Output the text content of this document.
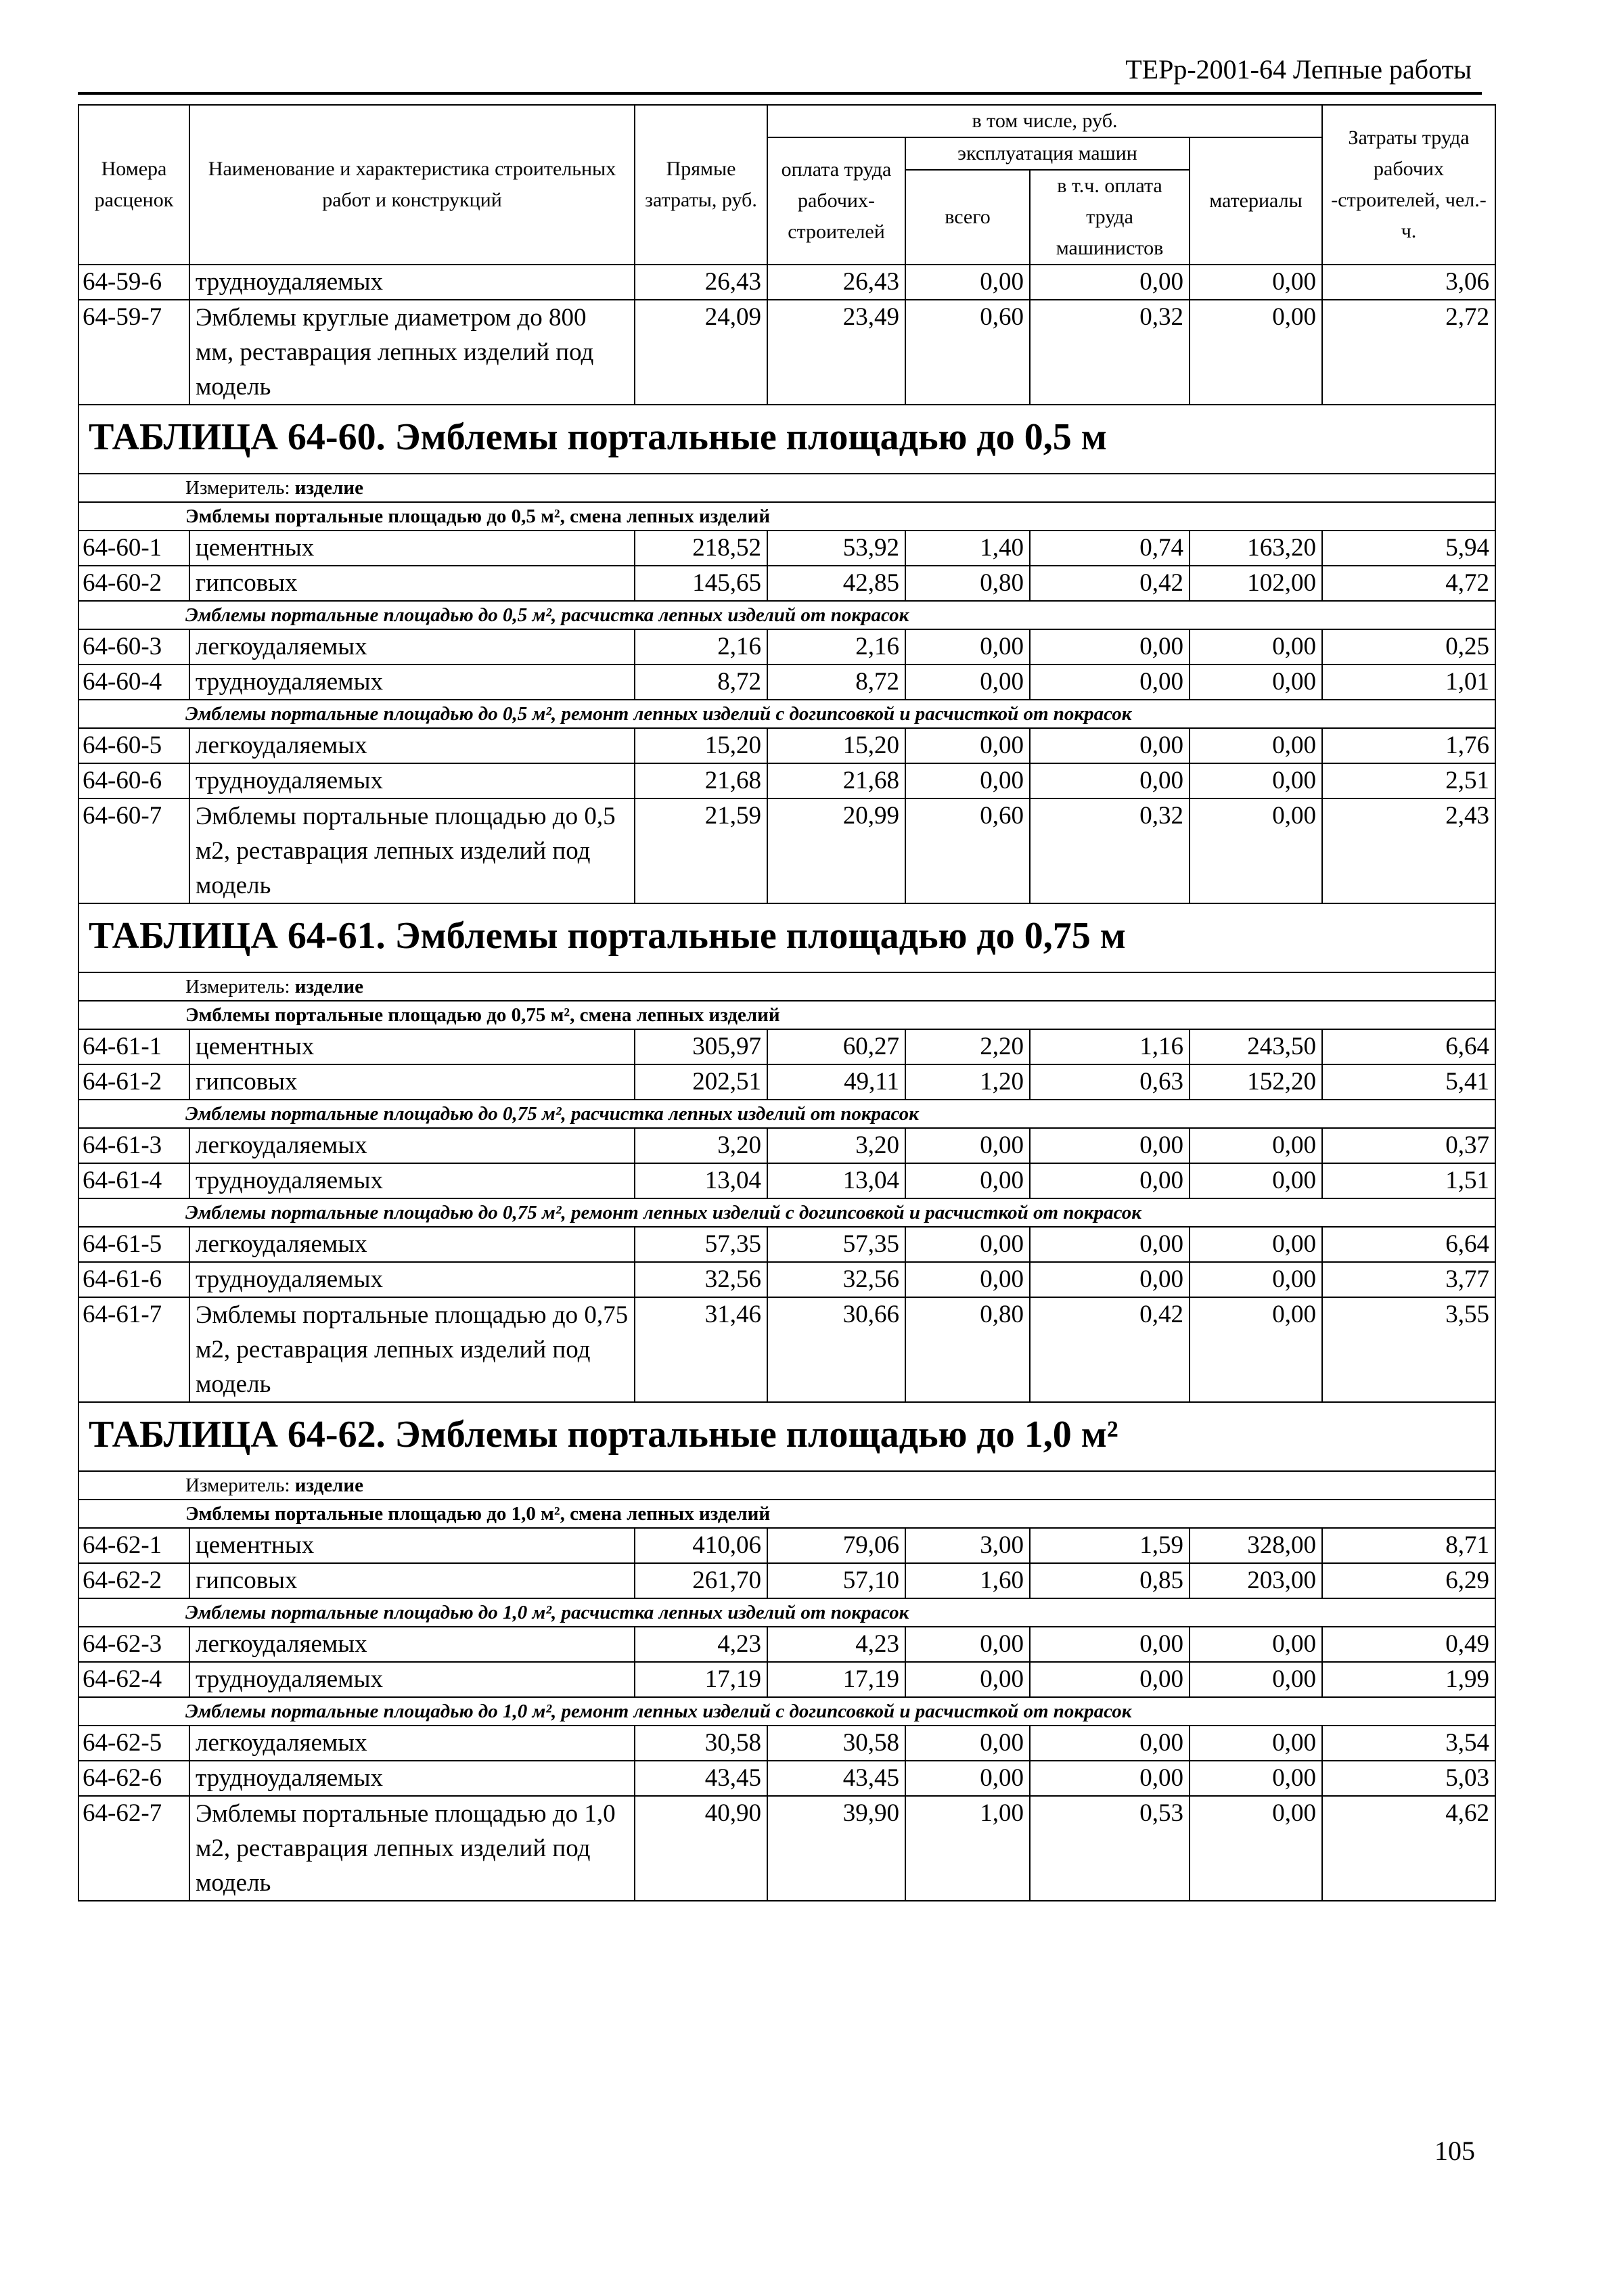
ТЕРр-2001-64 Лепные работы
Номера расценок	Наименование и характеристика строительных работ и конструкций	Прямые затраты, руб.	в том числе, руб.				Затраты труда рабочих -строителей, чел.-ч.
			оплата труда рабочих-строителей	эксплуатация машин		материалы	
				всего	в т.ч. оплата труда машинистов		
64-59-6	трудноудаляемых	26,43	26,43	0,00	0,00	0,00	3,06
64-59-7	Эмблемы круглые диаметром до 800 мм, реставрация лепных изделий под модель	24,09	23,49	0,60	0,32	0,00	2,72
ТАБЛИЦА 64-60. Эмблемы портальные площадью до 0,5 м							
Измеритель: изделие							
Эмблемы портальные площадью до 0,5 м², смена лепных изделий							
64-60-1	цементных	218,52	53,92	1,40	0,74	163,20	5,94
64-60-2	гипсовых	145,65	42,85	0,80	0,42	102,00	4,72
Эмблемы портальные площадью до 0,5 м², расчистка лепных изделий от покрасок							
64-60-3	легкоудаляемых	2,16	2,16	0,00	0,00	0,00	0,25
64-60-4	трудноудаляемых	8,72	8,72	0,00	0,00	0,00	1,01
Эмблемы портальные площадью до 0,5 м², ремонт лепных изделий с догипсовкой и расчисткой от покрасок							
64-60-5	легкоудаляемых	15,20	15,20	0,00	0,00	0,00	1,76
64-60-6	трудноудаляемых	21,68	21,68	0,00	0,00	0,00	2,51
64-60-7	Эмблемы портальные площадью до 0,5 м2, реставрация лепных изделий под модель	21,59	20,99	0,60	0,32	0,00	2,43
ТАБЛИЦА 64-61. Эмблемы портальные площадью до 0,75 м							
Измеритель: изделие							
Эмблемы портальные площадью до 0,75 м², смена лепных изделий							
64-61-1	цементных	305,97	60,27	2,20	1,16	243,50	6,64
64-61-2	гипсовых	202,51	49,11	1,20	0,63	152,20	5,41
Эмблемы портальные площадью до 0,75 м², расчистка лепных изделий от покрасок							
64-61-3	легкоудаляемых	3,20	3,20	0,00	0,00	0,00	0,37
64-61-4	трудноудаляемых	13,04	13,04	0,00	0,00	0,00	1,51
Эмблемы портальные площадью до 0,75 м², ремонт лепных изделий с догипсовкой и расчисткой от покрасок							
64-61-5	легкоудаляемых	57,35	57,35	0,00	0,00	0,00	6,64
64-61-6	трудноудаляемых	32,56	32,56	0,00	0,00	0,00	3,77
64-61-7	Эмблемы портальные площадью до 0,75 м2, реставрация лепных изделий под модель	31,46	30,66	0,80	0,42	0,00	3,55
ТАБЛИЦА 64-62. Эмблемы портальные площадью до 1,0 м²							
Измеритель: изделие							
Эмблемы портальные площадью до 1,0 м², смена лепных изделий							
64-62-1	цементных	410,06	79,06	3,00	1,59	328,00	8,71
64-62-2	гипсовых	261,70	57,10	1,60	0,85	203,00	6,29
Эмблемы портальные площадью до 1,0 м², расчистка лепных изделий от покрасок							
64-62-3	легкоудаляемых	4,23	4,23	0,00	0,00	0,00	0,49
64-62-4	трудноудаляемых	17,19	17,19	0,00	0,00	0,00	1,99
Эмблемы портальные площадью до 1,0 м², ремонт лепных изделий с догипсовкой и расчисткой от покрасок							
64-62-5	легкоудаляемых	30,58	30,58	0,00	0,00	0,00	3,54
64-62-6	трудноудаляемых	43,45	43,45	0,00	0,00	0,00	5,03
64-62-7	Эмблемы портальные площадью до 1,0 м2, реставрация лепных изделий под модель	40,90	39,90	1,00	0,53	0,00	4,62
105
